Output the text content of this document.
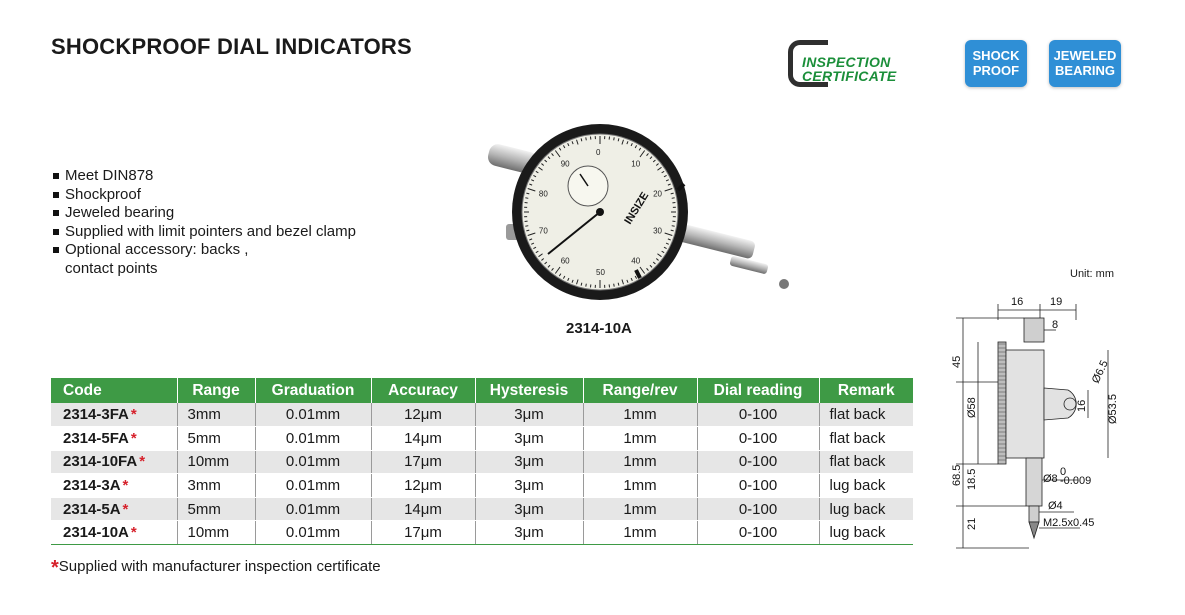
SHOCKPROOF DIAL INDICATORS
INSPECTION
CERTIFICATE
SHOCK
PROOF
JEWELED
BEARING
Meet DIN878
Shockproof
Jeweled bearing
Supplied with limit pointers and bezel clamp
Optional accessory: backs ,
contact points
0
10
20
30
40
50
60
70
80
90
INSIZE
2314-10A
Code	Range	Graduation	Accuracy	Hysteresis	Range/rev	Dial reading	Remark
2314-3FA *	3mm	0.01mm	12μm	3μm	1mm	0-100	flat back
2314-5FA *	5mm	0.01mm	14μm	3μm	1mm	0-100	flat back
2314-10FA *	10mm	0.01mm	17μm	3μm	1mm	0-100	flat back
2314-3A *	3mm	0.01mm	12μm	3μm	1mm	0-100	lug back
2314-5A *	5mm	0.01mm	14μm	3μm	1mm	0-100	lug back
2314-10A *	10mm	0.01mm	17μm	3μm	1mm	0-100	lug back
*Supplied with manufacturer inspection certificate
Unit: mm
16 19
8
45
Ø58
Ø6.5
16 Ø53.5
68.5 18.5	Ø8
0
-0.009
Ø4
M2.5x0.45
21
